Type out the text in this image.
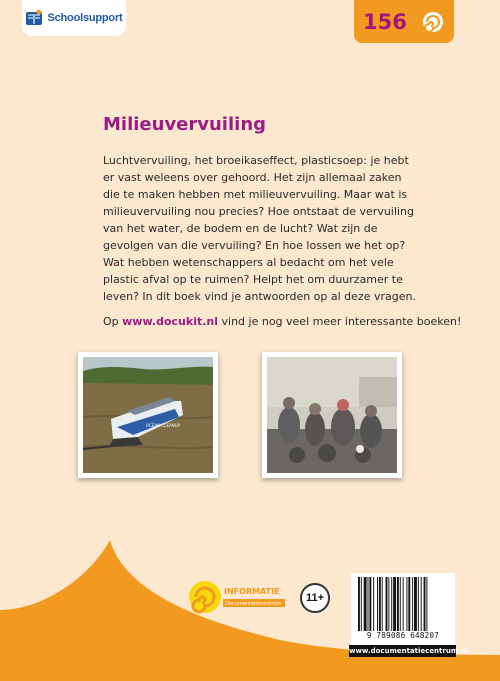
Schoolsupport	156
Milieuvervuiling

Luchtvervuiling, het broeikaseffect, plasticsoep: je hebt er vast weleens over gehoord. Het zijn allemaal zaken die te maken hebben met milieuvervuiling. Maar wat is milieuvervuiling nou precies? Hoe ontstaat de vervuiling van het water, de bodem en de lucht? Wat zijn de gevolgen van die vervuiling? En hoe lossen we het op? Wat hebben wetenschappers al bedacht om het vele plastic afval op te ruimen? Helpt het om duurzamer te leven? In dit boek vind je antwoorden op al deze vragen.

Op www.docukit.nl vind je nog veel meer interessante boeken!

OCEAN CLEANUP
INFORMATIE
Documentatiecentrum	11+
9 789086 648207
www.documentatiecentrum.nl
